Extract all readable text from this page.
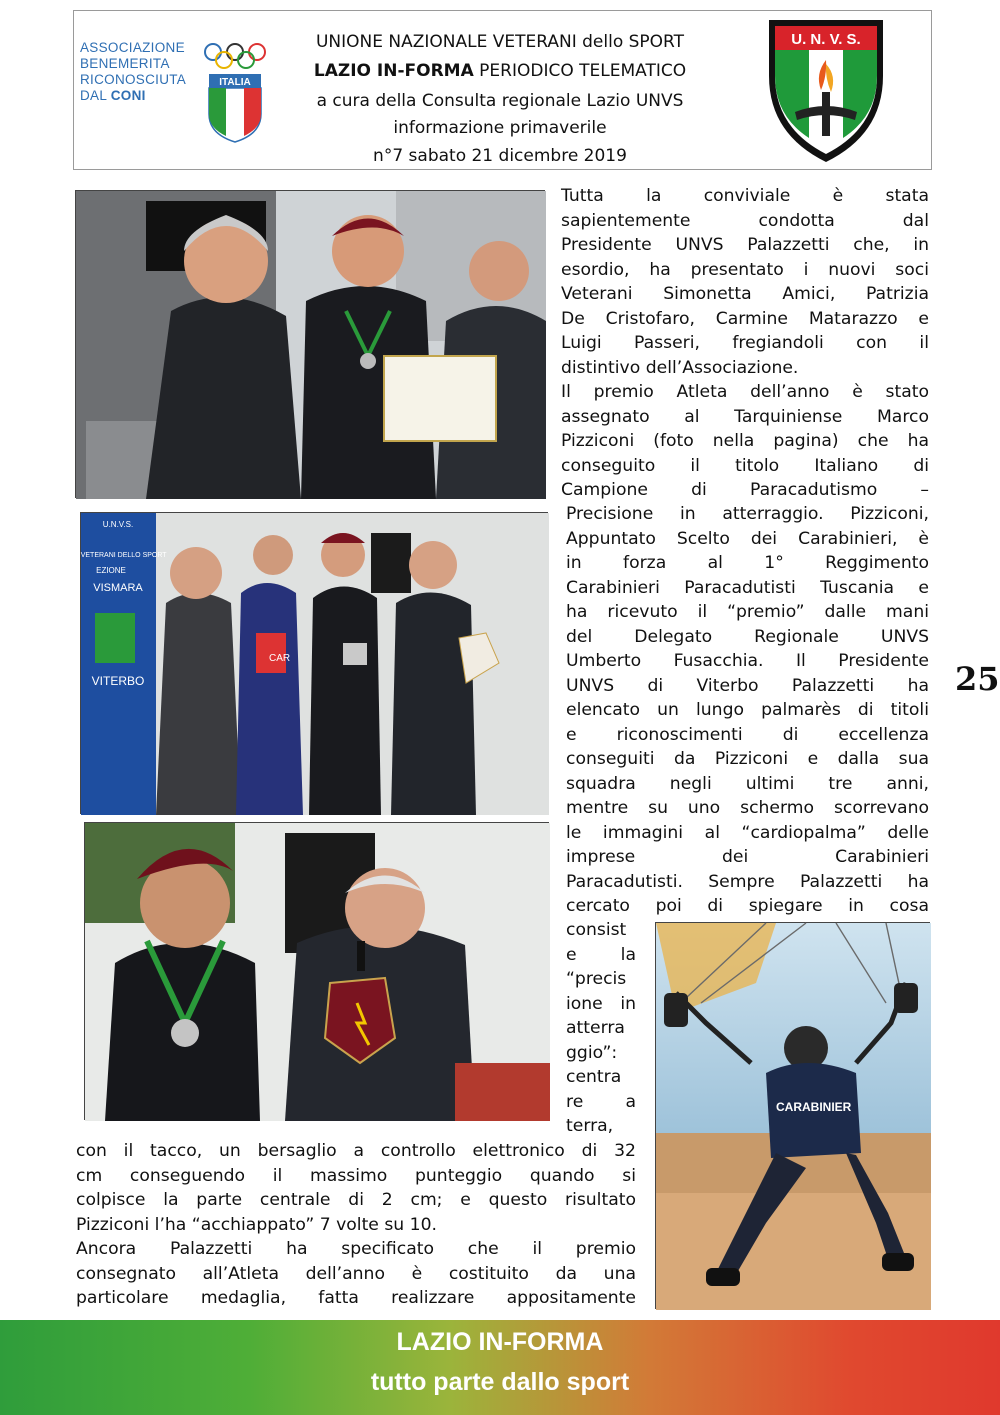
ASSOCIAZIONE
BENEMERITA
RICONOSCIUTA
DAL CONI
ITALIA
UNIONE NAZIONALE VETERANI dello SPORT
LAZIO IN-FORMA PERIODICO TELEMATICO
a cura della Consulta regionale Lazio UNVS
informazione primaverile
n°7 sabato 21 dicembre 2019
U. N. V. S.
U.N.V.S.
NA VETERANI DELLO SPORT
EZIONE
VISMARA
VITERBO
CAR
CARABINIER
Tutta la conviviale è stata
sapientemente condotta dal
Presidente UNVS Palazzetti che, in
esordio, ha presentato i nuovi soci
Veterani Simonetta Amici, Patrizia
De Cristofaro, Carmine Matarazzo e
Luigi Passeri, fregiandoli con il
distintivo dell’Associazione.
Il premio Atleta dell’anno è stato
assegnato al Tarquiniense Marco
Pizziconi (foto nella pagina) che ha
conseguito il titolo Italiano di
Campione di Paracadutismo –
Precisione in atterraggio. Pizziconi,
Appuntato Scelto dei Carabinieri, è
in forza al 1° Reggimento
Carabinieri Paracadutisti Tuscania e
ha ricevuto il “premio” dalle mani
del Delegato Regionale UNVS
Umberto Fusacchia. Il Presidente
UNVS di Viterbo Palazzetti ha
elencato un lungo palmarès di titoli
e riconoscimenti di eccellenza
conseguiti da Pizziconi e dalla sua
squadra negli ultimi tre anni,
mentre su uno schermo scorrevano
le immagini al “cardiopalma” delle
imprese dei Carabinieri
Paracadutisti. Sempre Palazzetti ha
cercato poi di spiegare in cosa
consist
e la
“precis
ione in
atterra
ggio”:
centra
re a
terra,
con il tacco, un bersaglio a controllo elettronico di 32
cm conseguendo il massimo punteggio quando si
colpisce la parte centrale di 2 cm; e questo risultato
Pizziconi l’ha “acchiappato” 7 volte su 10.
Ancora Palazzetti ha specificato che il premio
consegnato all’Atleta dell’anno è costituito da una
particolare medaglia, fatta realizzare appositamente
25
LAZIO IN-FORMA
tutto parte dallo sport
